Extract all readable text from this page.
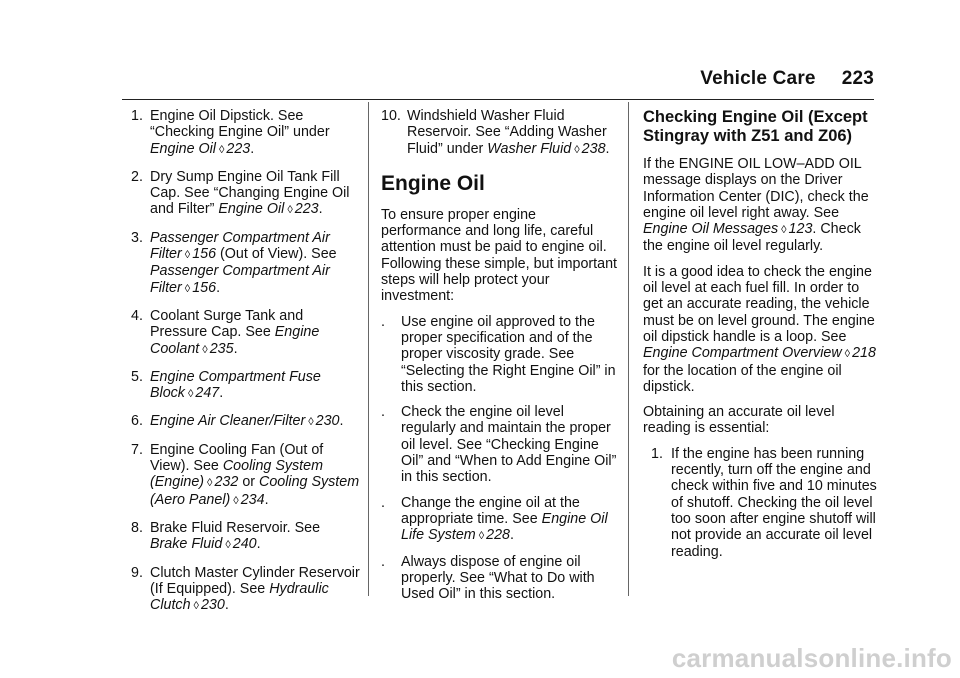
Vehicle Care 223
1. Engine Oil Dipstick. See “Checking Engine Oil” under Engine Oil ◊ 223.
2. Dry Sump Engine Oil Tank Fill Cap. See “Changing Engine Oil and Filter” Engine Oil ◊ 223.
3. Passenger Compartment Air Filter ◊ 156 (Out of View). See Passenger Compartment Air Filter ◊ 156.
4. Coolant Surge Tank and Pressure Cap. See Engine Coolant ◊ 235.
5. Engine Compartment Fuse Block ◊ 247.
6. Engine Air Cleaner/Filter ◊ 230.
7. Engine Cooling Fan (Out of View). See Cooling System (Engine) ◊ 232 or Cooling System (Aero Panel) ◊ 234.
8. Brake Fluid Reservoir. See Brake Fluid ◊ 240.
9. Clutch Master Cylinder Reservoir (If Equipped). See Hydraulic Clutch ◊ 230.
10. Windshield Washer Fluid Reservoir. See “Adding Washer Fluid” under Washer Fluid ◊ 238.
Engine Oil
To ensure proper engine performance and long life, careful attention must be paid to engine oil. Following these simple, but important steps will help protect your investment:
.	Use engine oil approved to the proper specification and of the proper viscosity grade. See “Selecting the Right Engine Oil” in this section.
.	Check the engine oil level regularly and maintain the proper oil level. See “Checking Engine Oil” and “When to Add Engine Oil” in this section.
.	Change the engine oil at the appropriate time. See Engine Oil Life System ◊ 228.
.	Always dispose of engine oil properly. See “What to Do with Used Oil” in this section.
Checking Engine Oil (Except Stingray with Z51 and Z06)
If the ENGINE OIL LOW–ADD OIL message displays on the Driver Information Center (DIC), check the engine oil level right away. See Engine Oil Messages ◊ 123. Check the engine oil level regularly.
It is a good idea to check the engine oil level at each fuel fill. In order to get an accurate reading, the vehicle must be on level ground. The engine oil dipstick handle is a loop. See Engine Compartment Overview ◊ 218 for the location of the engine oil dipstick.
Obtaining an accurate oil level reading is essential:
1. If the engine has been running recently, turn off the engine and check within five and 10 minutes of shutoff. Checking the oil level too soon after engine shutoff will not provide an accurate oil level reading.
carmanualsonline.info
